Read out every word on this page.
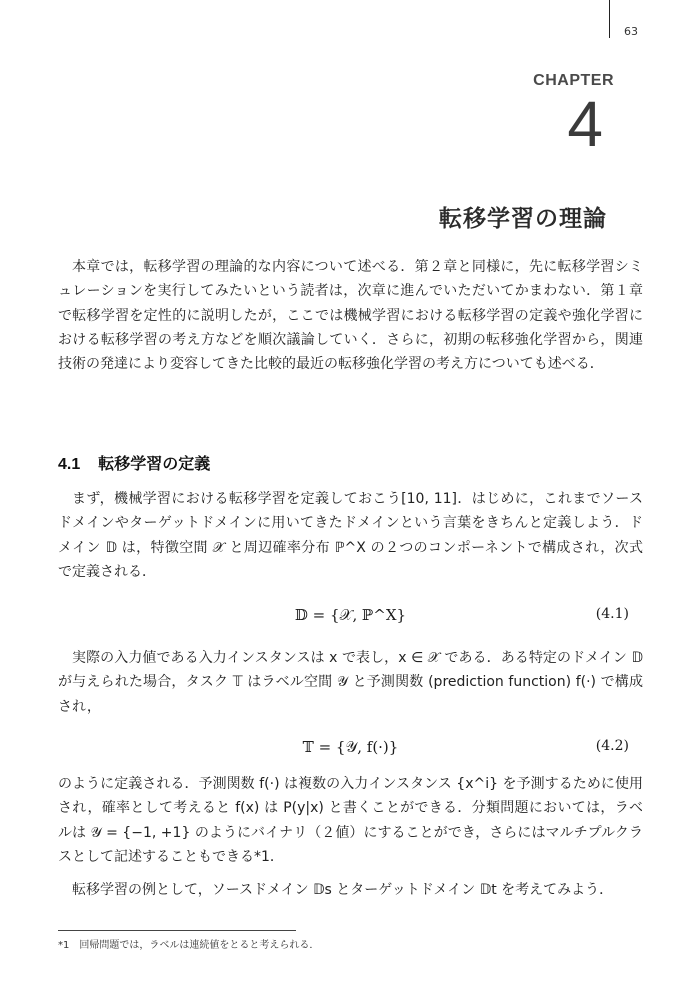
63
CHAPTER
4
転移学習の理論
本章では，転移学習の理論的な内容について述べる．第２章と同様に，先に転移学習シミュレーションを実行してみたいという読者は，次章に進んでいただいてかまわない．第１章で転移学習を定性的に説明したが，ここでは機械学習における転移学習の定義や強化学習における転移学習の考え方などを順次議論していく．さらに，初期の転移強化学習から，関連技術の発達により変容してきた比較的最近の転移強化学習の考え方についても述べる．
4.1 転移学習の定義
まず，機械学習における転移学習を定義しておこう[10, 11]．はじめに，これまでソースドメインやターゲットドメインに用いてきたドメインという言葉をきちんと定義しよう．ドメイン 𝔻 は，特徴空間 𝒳 と周辺確率分布 ℙ^X の２つのコンポーネントで構成され，次式で定義される．
𝔻 = {𝒳, ℙ^X}	(4.1)
実際の入力値である入力インスタンスは x で表し，x ∈ 𝒳 である．ある特定のドメイン 𝔻 が与えられた場合，タスク 𝕋 はラベル空間 𝒴 と予測関数 (prediction function) f(·) で構成され，
𝕋 = {𝒴, f(·)}	(4.2)
のように定義される．予測関数 f(·) は複数の入力インスタンス {x^i} を予測するために使用され，確率として考えると f(x) は P(y|x) と書くことができる．分類問題においては，ラベルは 𝒴 = {−1, +1} のようにバイナリ（２値）にすることができ，さらにはマルチプルクラスとして記述することもできる*1．
転移学習の例として，ソースドメイン 𝔻s とターゲットドメイン 𝔻t を考えてみよう．
*1　回帰問題では，ラベルは連続値をとると考えられる．
